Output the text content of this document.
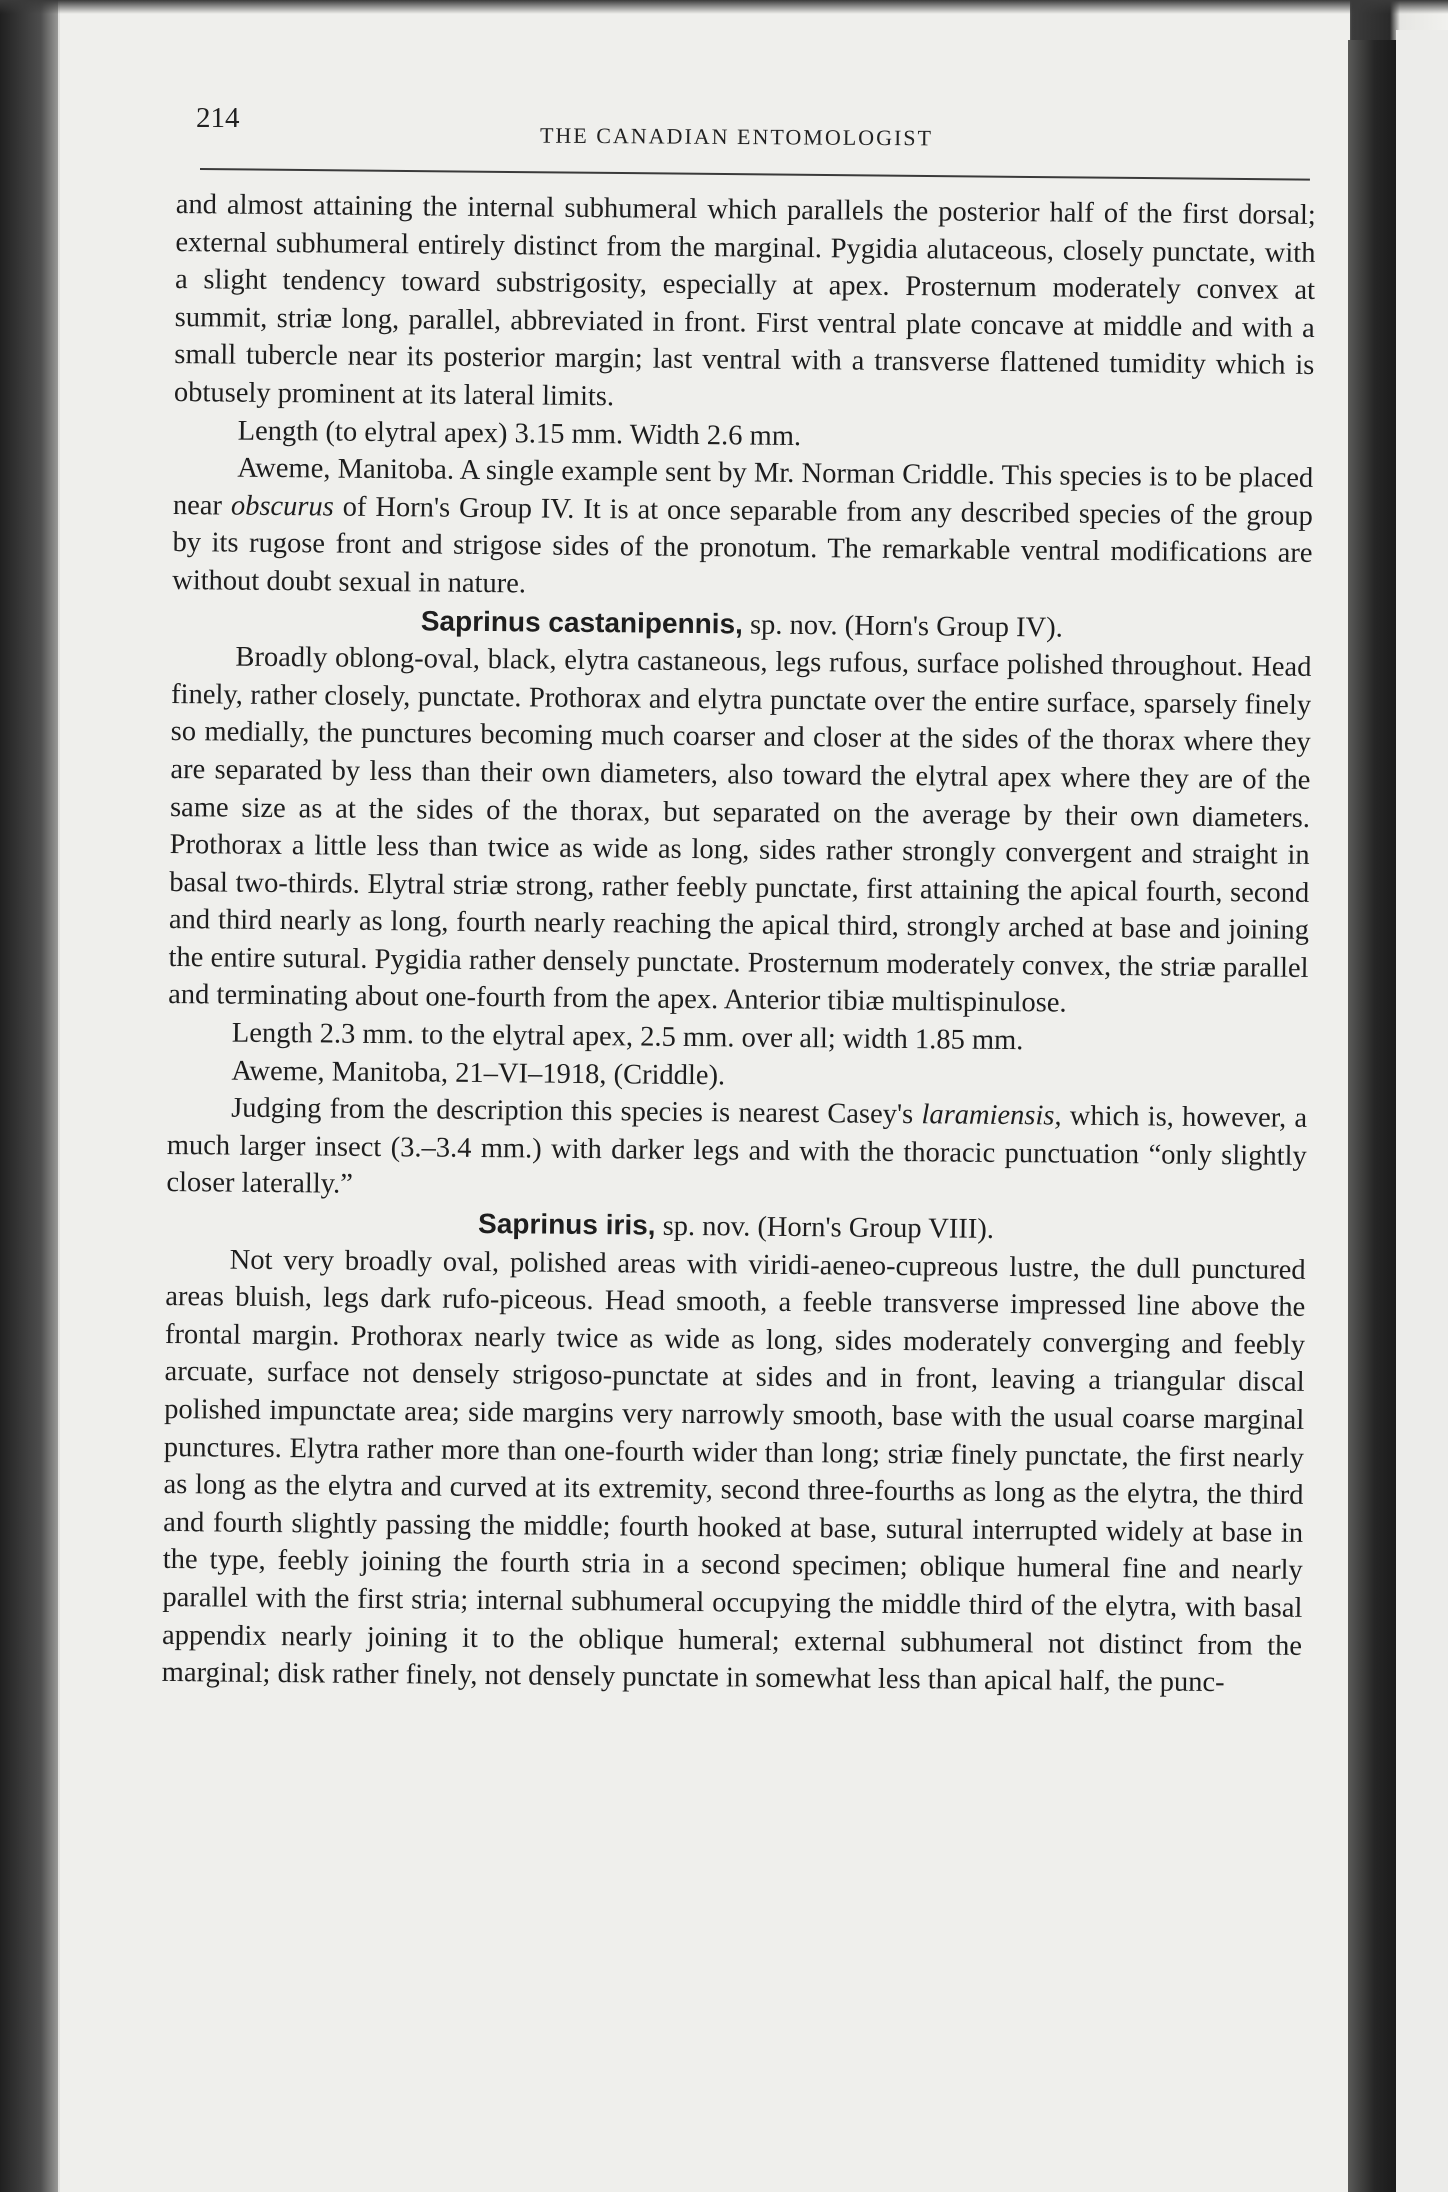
214
THE CANADIAN ENTOMOLOGIST

and almost attaining the internal subhumeral which parallels the posterior half of the first dorsal; external subhumeral entirely distinct from the marginal. Pygidia alutaceous, closely punctate, with a slight tendency toward substrigosity, especially at apex. Prosternum moderately convex at summit, striæ long, parallel, abbreviated in front. First ventral plate concave at middle and with a small tubercle near its posterior margin; last ventral with a transverse flattened tumidity which is obtusely prominent at its lateral limits.

Length (to elytral apex) 3.15 mm. Width 2.6 mm.

Aweme, Manitoba. A single example sent by Mr. Norman Criddle. This species is to be placed near obscurus of Horn's Group IV. It is at once separable from any described species of the group by its rugose front and strigose sides of the pronotum. The remarkable ventral modifications are without doubt sexual in nature.

Saprinus castanipennis, sp. nov. (Horn's Group IV).

Broadly oblong-oval, black, elytra castaneous, legs rufous, surface polished throughout. Head finely, rather closely, punctate. Prothorax and elytra punctate over the entire surface, sparsely finely so medially, the punctures becoming much coarser and closer at the sides of the thorax where they are separated by less than their own diameters, also toward the elytral apex where they are of the same size as at the sides of the thorax, but separated on the average by their own diameters. Prothorax a little less than twice as wide as long, sides rather strongly convergent and straight in basal two-thirds. Elytral striæ strong, rather feebly punctate, first attaining the apical fourth, second and third nearly as long, fourth nearly reaching the apical third, strongly arched at base and joining the entire sutural. Pygidia rather densely punctate. Prosternum moderately convex, the striæ parallel and terminating about one-fourth from the apex. Anterior tibiæ multispinulose.

Length 2.3 mm. to the elytral apex, 2.5 mm. over all; width 1.85 mm.

Aweme, Manitoba, 21–VI–1918, (Criddle).

Judging from the description this species is nearest Casey's laramiensis, which is, however, a much larger insect (3.–3.4 mm.) with darker legs and with the thoracic punctuation “only slightly closer laterally.”

Saprinus iris, sp. nov. (Horn's Group VIII).

Not very broadly oval, polished areas with viridi-aeneo-cupreous lustre, the dull punctured areas bluish, legs dark rufo-piceous. Head smooth, a feeble transverse impressed line above the frontal margin. Prothorax nearly twice as wide as long, sides moderately converging and feebly arcuate, surface not densely strigoso-punctate at sides and in front, leaving a triangular discal polished impunctate area; side margins very narrowly smooth, base with the usual coarse marginal punctures. Elytra rather more than one-fourth wider than long; striæ finely punctate, the first nearly as long as the elytra and curved at its extremity, second three-fourths as long as the elytra, the third and fourth slightly passing the middle; fourth hooked at base, sutural interrupted widely at base in the type, feebly joining the fourth stria in a second specimen; oblique humeral fine and nearly parallel with the first stria; internal subhumeral occupying the middle third of the elytra, with basal appendix nearly joining it to the oblique humeral; external subhumeral not distinct from the marginal; disk rather finely, not densely punctate in somewhat less than apical half, the punc-
